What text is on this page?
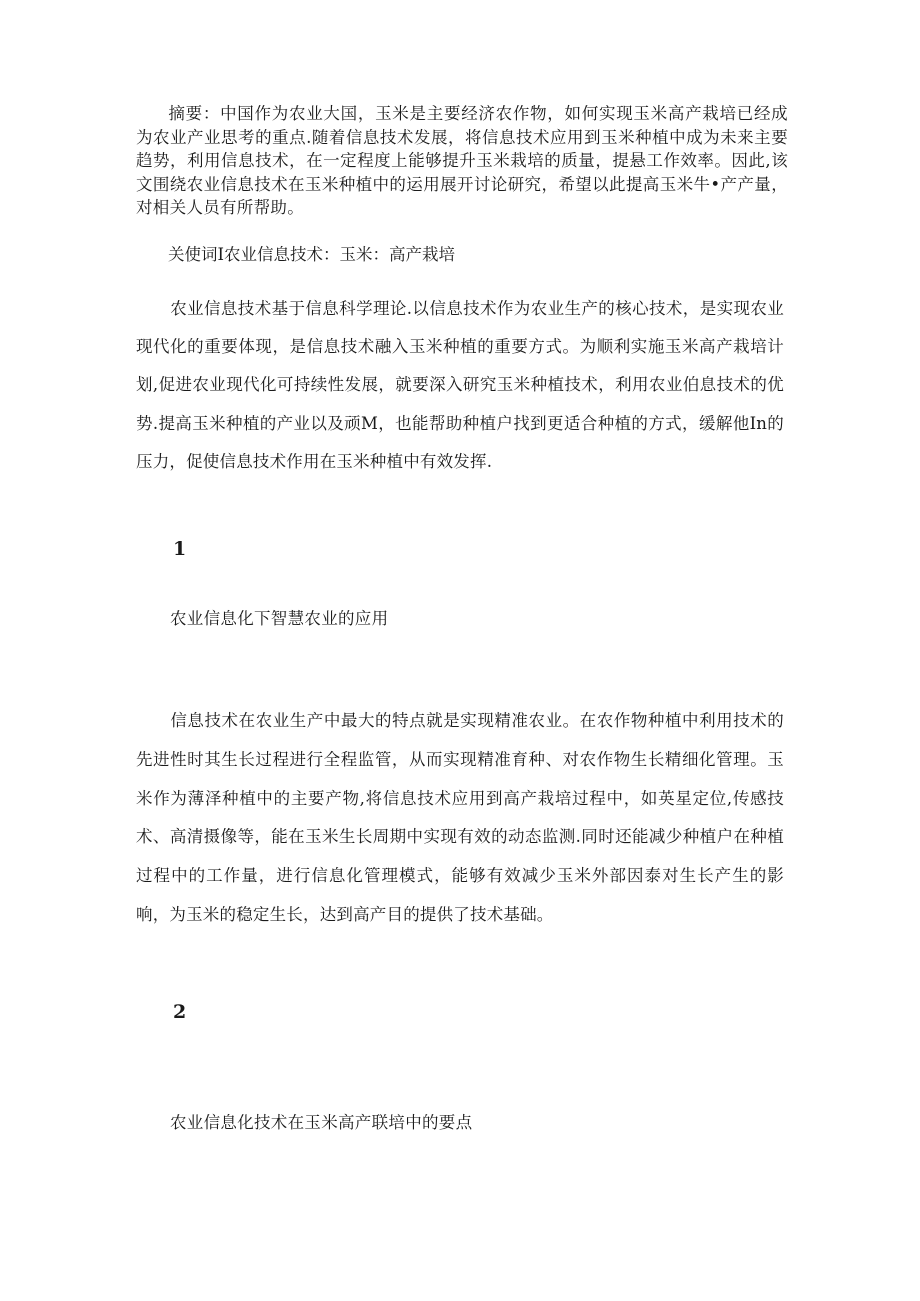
摘要：中国作为农业大国，玉米是主要经济农作物，如何实现玉米高产栽培已经成为农业产业思考的重点.随着信息技术发展，将信息技术应用到玉米种植中成为未来主要趋势，利用信息技术，在一定程度上能够提升玉米栽培的质量，提悬工作效率。因此,该文围绕农业信息技术在玉米种植中的运用展开讨论研究，希望以此提高玉米牛•产产量，对相关人员有所帮助。

关使词I农业信息技术：玉米：高产栽培

农业信息技术基于信息科学理论.以信息技术作为农业生产的核心技术，是实现农业现代化的重要体现，是信息技术融入玉米种植的重要方式。为顺利实施玉米高产栽培计划,促进农业现代化可持续性发展，就要深入研究玉米种植技术，利用农业伯息技术的优势.提高玉米种植的产业以及顽M，也能帮助种植户找到更适合种植的方式，缓解他In的压力，促使信息技术作用在玉米种植中有效发挥.

1

农业信息化下智慧农业的应用

信息技术在农业生产中最大的特点就是实现精准农业。在农作物种植中利用技术的先进性时其生长过程进行全程监管，从而实现精准育种、对农作物生长精细化管理。玉米作为薄泽种植中的主要产物,将信息技术应用到高产栽培过程中，如英星定位,传感技术、高清摄像等，能在玉米生长周期中实现有效的动态监测.同时还能减少种植户在种植过程中的工作量，进行信息化管理模式，能够有效减少玉米外部因泰对生长产生的影响，为玉米的稳定生长，达到高产目的提供了技术基础。

2

农业信息化技术在玉米高产联培中的要点
